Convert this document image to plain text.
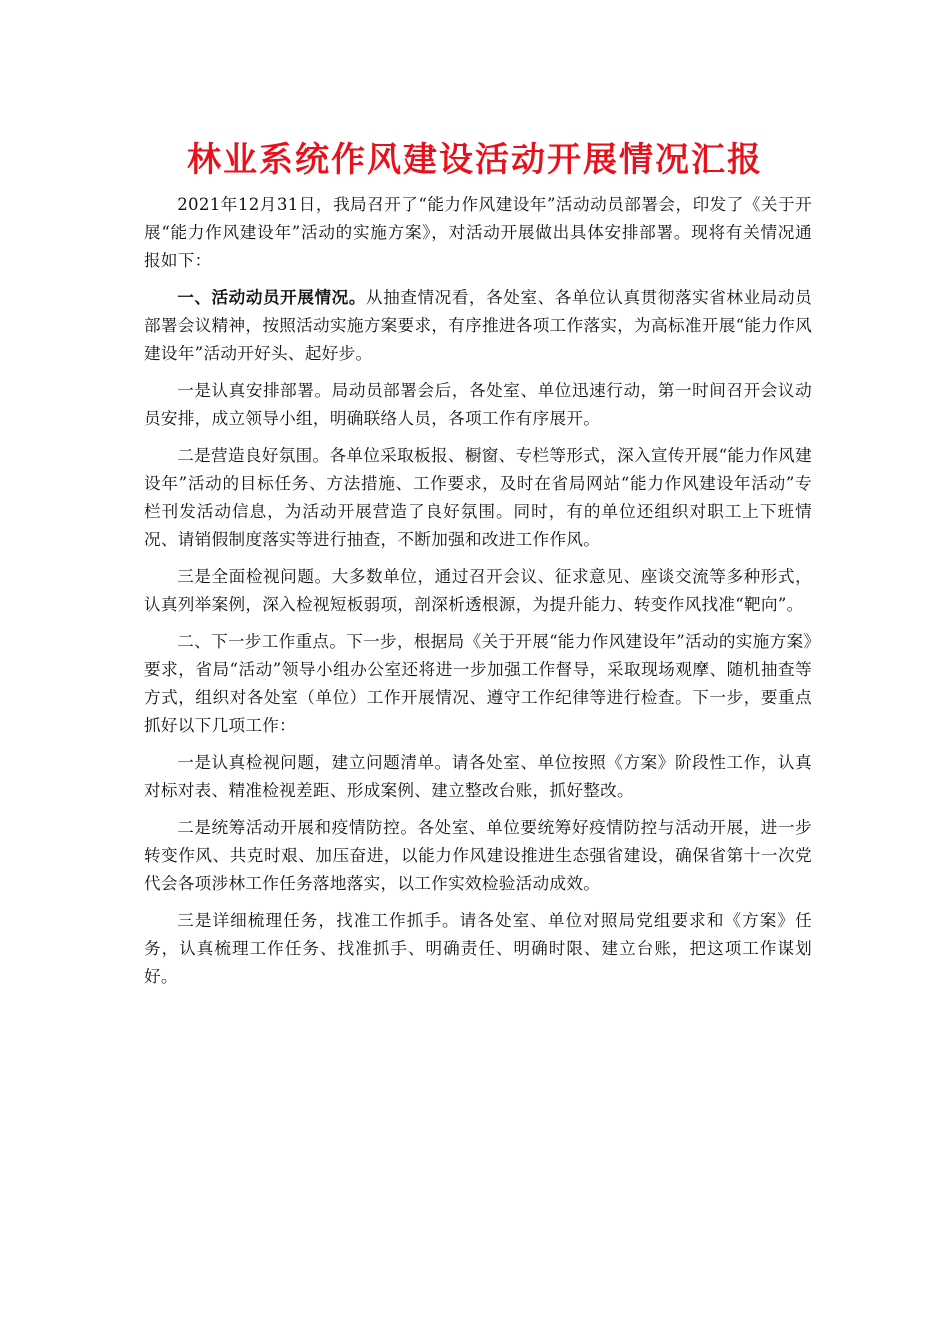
林业系统作风建设活动开展情况汇报

2021年12月31日，我局召开了“能力作风建设年”活动动员部署会，印发了《关于开展“能力作风建设年”活动的实施方案》，对活动开展做出具体安排部署。现将有关情况通报如下：

一、活动动员开展情况。从抽查情况看，各处室、各单位认真贯彻落实省林业局动员部署会议精神，按照活动实施方案要求，有序推进各项工作落实，为高标准开展“能力作风建设年”活动开好头、起好步。

一是认真安排部署。局动员部署会后，各处室、单位迅速行动，第一时间召开会议动员安排，成立领导小组，明确联络人员，各项工作有序展开。

二是营造良好氛围。各单位采取板报、橱窗、专栏等形式，深入宣传开展“能力作风建设年”活动的目标任务、方法措施、工作要求，及时在省局网站“能力作风建设年活动”专栏刊发活动信息，为活动开展营造了良好氛围。同时，有的单位还组织对职工上下班情况、请销假制度落实等进行抽查，不断加强和改进工作作风。

三是全面检视问题。大多数单位，通过召开会议、征求意见、座谈交流等多种形式，认真列举案例，深入检视短板弱项，剖深析透根源，为提升能力、转变作风找准“靶向”。

二、下一步工作重点。下一步，根据局《关于开展“能力作风建设年”活动的实施方案》要求，省局“活动”领导小组办公室还将进一步加强工作督导，采取现场观摩、随机抽查等方式，组织对各处室（单位）工作开展情况、遵守工作纪律等进行检查。下一步，要重点抓好以下几项工作：

一是认真检视问题，建立问题清单。请各处室、单位按照《方案》阶段性工作，认真对标对表、精准检视差距、形成案例、建立整改台账，抓好整改。

二是统筹活动开展和疫情防控。各处室、单位要统筹好疫情防控与活动开展，进一步转变作风、共克时艰、加压奋进，以能力作风建设推进生态强省建设，确保省第十一次党代会各项涉林工作任务落地落实，以工作实效检验活动成效。

三是详细梳理任务，找准工作抓手。请各处室、单位对照局党组要求和《方案》任务，认真梳理工作任务、找准抓手、明确责任、明确时限、建立台账，把这项工作谋划好。
